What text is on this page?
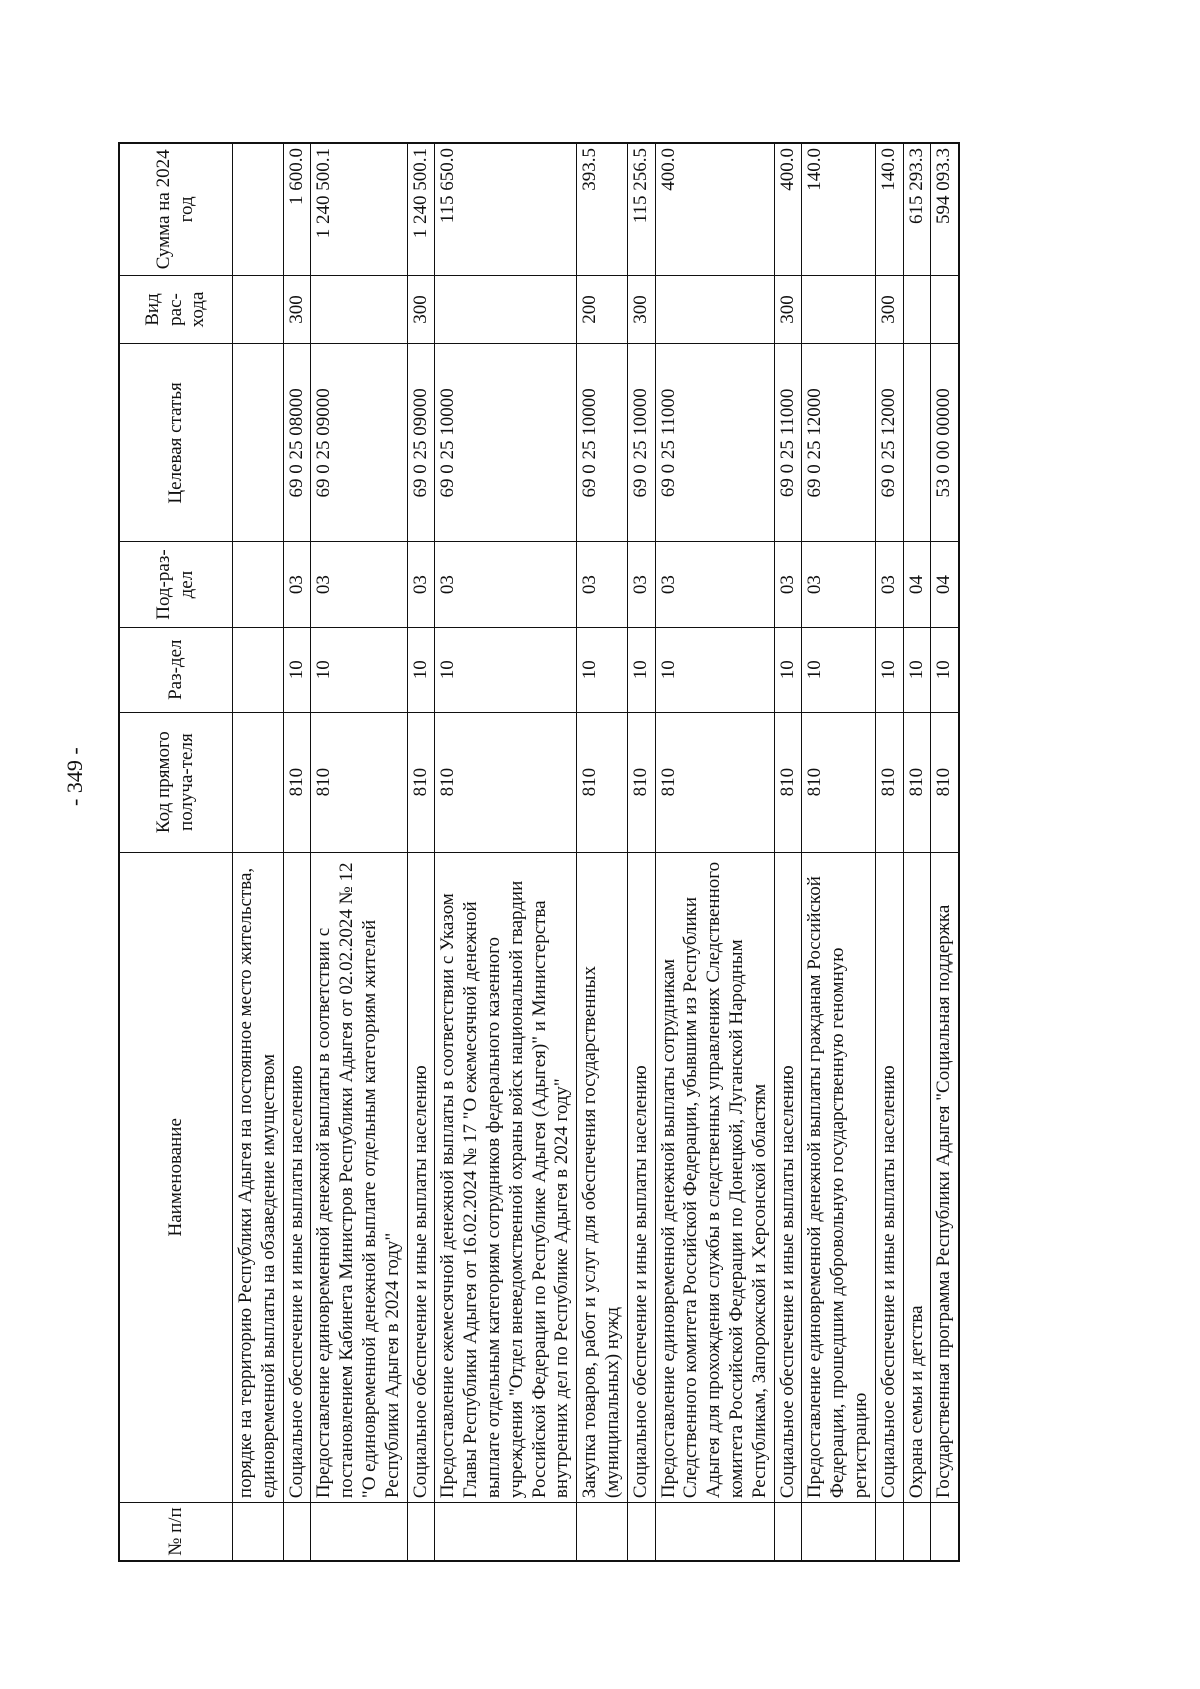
- 349 -
№ п/п	Наименование	Код прямого получа-теля	Раз-дел	Под-раз-дел	Целевая статья	Вид рас-хода	Сумма на 2024 год
	порядке на территорию Республики Адыгея на постоянное место жительства, единовременной выплаты на обзаведение имуществом						
	Социальное обеспечение и иные выплаты населению	810	10	03	69 0 25 08000	300	1 600.0
	Предоставление единовременной денежной выплаты в соответствии с постановлением Кабинета Министров Республики Адыгея от 02.02.2024 № 12 "О единовременной денежной выплате отдельным категориям жителей Республики Адыгея в 2024 году"	810	10	03	69 0 25 09000		1 240 500.1
	Социальное обеспечение и иные выплаты населению	810	10	03	69 0 25 09000	300	1 240 500.1
	Предоставление ежемесячной денежной выплаты в соответствии с Указом Главы Республики Адыгея от 16.02.2024 № 17 "О ежемесячной денежной выплате отдельным категориям сотрудников федерального казенного учреждения "Отдел вневедомственной охраны войск национальной гвардии Российской Федерации по Республике Адыгея (Адыгея)" и Министерства внутренних дел по Республике Адыгея в 2024 году"	810	10	03	69 0 25 10000		115 650.0
	Закупка товаров, работ и услуг для обеспечения государственных (муниципальных) нужд	810	10	03	69 0 25 10000	200	393.5
	Социальное обеспечение и иные выплаты населению	810	10	03	69 0 25 10000	300	115 256.5
	Предоставление единовременной денежной выплаты сотрудникам Следственного комитета Российской Федерации, убывшим из Республики Адыгея для прохождения службы в следственных управлениях Следственного комитета Российской Федерации по Донецкой, Луганской Народным Республикам, Запорожской и Херсонской областям	810	10	03	69 0 25 11000		400.0
	Социальное обеспечение и иные выплаты населению	810	10	03	69 0 25 11000	300	400.0
	Предоставление единовременной денежной выплаты гражданам Российской Федерации, прошедшим добровольную государственную геномную регистрацию	810	10	03	69 0 25 12000		140.0
	Социальное обеспечение и иные выплаты населению	810	10	03	69 0 25 12000	300	140.0
	Охрана семьи и детства	810	10	04			615 293.3
	Государственная программа Республики Адыгея "Социальная поддержка	810	10	04	53 0 00 00000		594 093.3
